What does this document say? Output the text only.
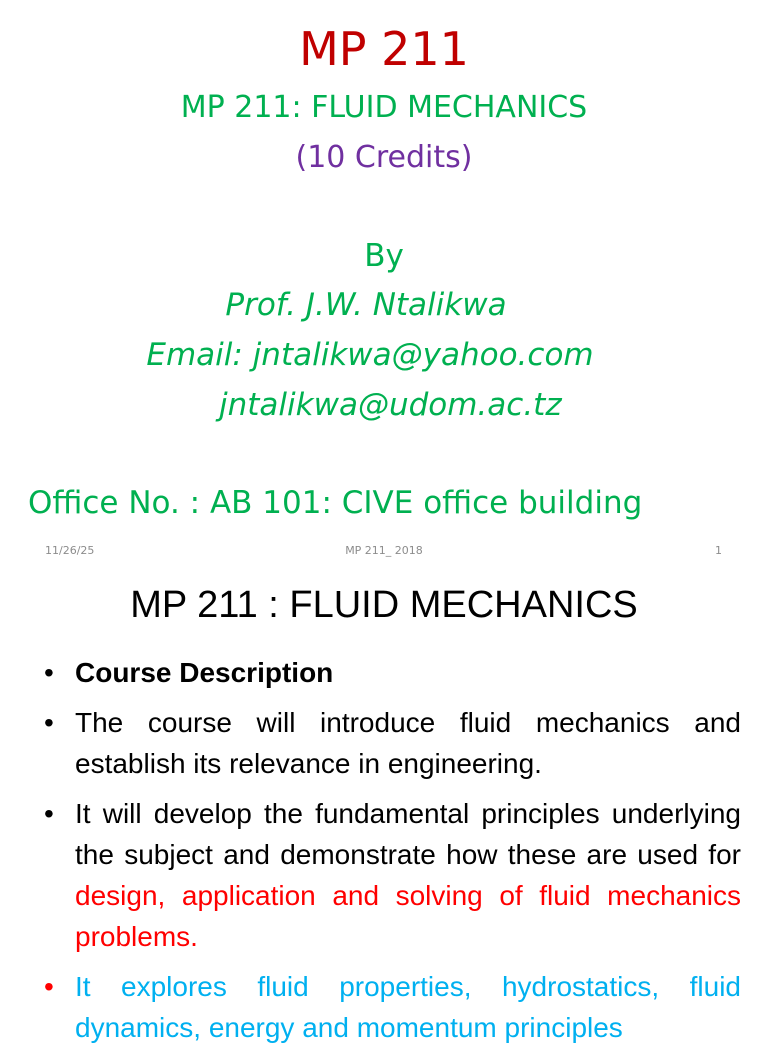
MP 211
MP 211: FLUID MECHANICS
(10 Credits)
By
Prof. J.W. Ntalikwa
Email: jntalikwa@yahoo.com
jntalikwa@udom.ac.tz
Office No. : AB 101: CIVE office building
11/26/25	MP 211_ 2018	1
MP 211 : FLUID MECHANICS
• Course Description
• The course will introduce fluid mechanics and establish its relevance in engineering.
• It will develop the fundamental principles underlying the subject and demonstrate how these are used for design, application and solving of fluid mechanics problems.
• It explores fluid properties, hydrostatics, fluid dynamics, energy and momentum principles
